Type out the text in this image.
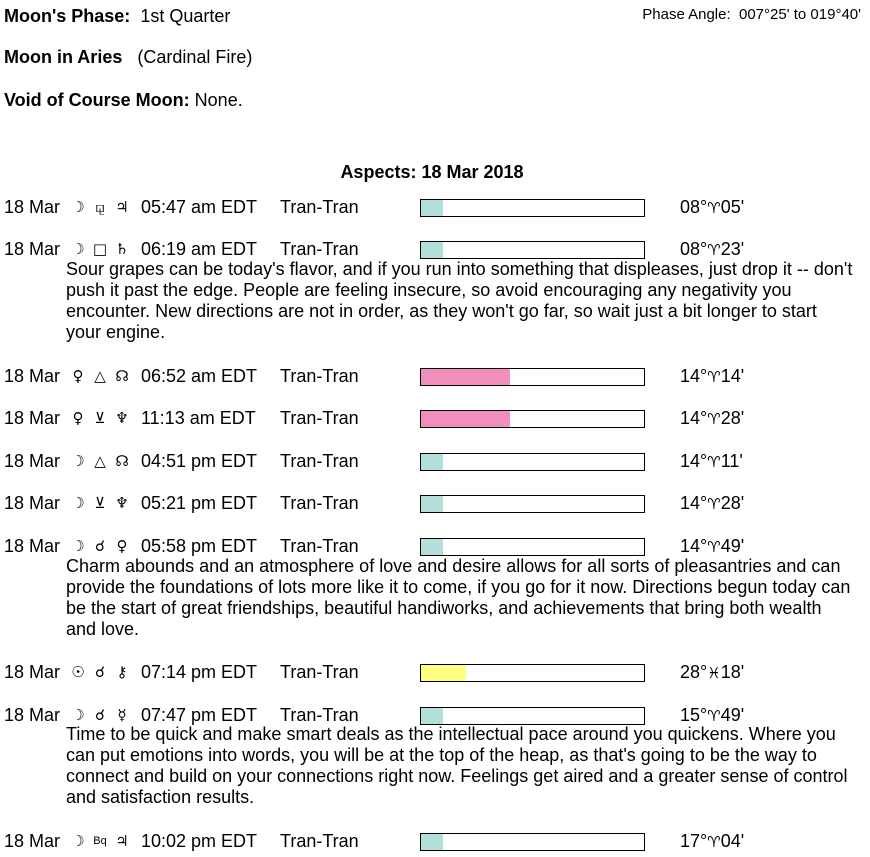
Moon's Phase: 1st Quarter	Phase Angle: 007°25' to 019°40'
Moon in Aries (Cardinal Fire)
Void of Course Moon: None.
Aspects: 18 Mar 2018
18 Mar ☽ ⚼ ♃ 05:47 am EDT Tran-Tran	08°♈05'
18 Mar ☽ □ ♄ 06:19 am EDT Tran-Tran	08°♈23'
Sour grapes can be today's flavor, and if you run into something that displeases, just drop it -- don't push it past the edge. People are feeling insecure, so avoid encouraging any negativity you encounter. New directions are not in order, as they won't go far, so wait just a bit longer to start your engine.
18 Mar ♀ △ ☊ 06:52 am EDT Tran-Tran	14°♈14'
18 Mar ♀ ⊻ ♆ 11:13 am EDT Tran-Tran	14°♈28'
18 Mar ☽ △ ☊ 04:51 pm EDT Tran-Tran	14°♈11'
18 Mar ☽ ⊻ ♆ 05:21 pm EDT Tran-Tran	14°♈28'
18 Mar ☽ ☌ ♀ 05:58 pm EDT Tran-Tran	14°♈49'
Charm abounds and an atmosphere of love and desire allows for all sorts of pleasantries and can provide the foundations of lots more like it to come, if you go for it now. Directions begun today can be the start of great friendships, beautiful handiworks, and achievements that bring both wealth and love.
18 Mar ☉ ☌ ⚷ 07:14 pm EDT Tran-Tran	28°♓18'
18 Mar ☽ ☌ ☿ 07:47 pm EDT Tran-Tran	15°♈49'
Time to be quick and make smart deals as the intellectual pace around you quickens. Where you can put emotions into words, you will be at the top of the heap, as that's going to be the way to connect and build on your connections right now. Feelings get aired and a greater sense of control and satisfaction results.
18 Mar ☽ Bq ♃ 10:02 pm EDT Tran-Tran	17°♈04'
